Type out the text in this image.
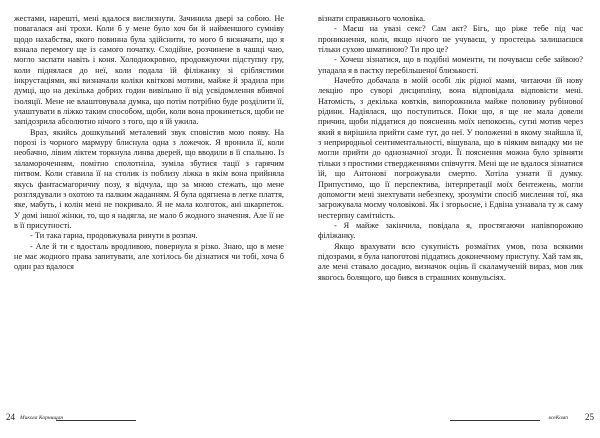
жестами, нарешті, мені вдалося вислизнути. Зачинила двері за собою. Не повагалася ані трохи. Коли б у мене було хоч би й найменшого сумніву щодо нахабства, якого повинна була здійснити, то мого б визначати, що я взнала перемогу ще із самого початку. Сходійне, розчинене в чашці чаю, могло заспати навіть і коня. Холоднокровно, продовжуючи підступну гру, коли піднялася до неї, коли подала їй філіжанку зі сріблястими інкрустаціями, які визначали коліки квіткові мотиви, майже й зрадила при думці, що на декілька добрих годин вивільню її від усвідомлення вбивчої ізоляції. Мене не влаштовувала думка, що потім потрібно буде розділити її, улаштувати в ліжко таким способом, щоби, коли вона прокинеться, щоби не запідозрила абсолютно нічого з того, що я їй ужила.

Враз, якийсь дошкульний металевий звук сповістив мою появу. На порозі із чорного мармуру блиснула одна з ложечок. Я вронила її, коли необачно, лівим ліктем торкнула линва дверей, що вводили в її спальню. Із заламороченням, помітно сполотніла, зуміла збутися тації з гарячим питвом. Коли ставила її на столик із поблизу ліжка в якім вона прийняла якусь фантасмагоричну позу, я відчула, що за мною стежать, що мене розглядували з охотою та палким жаданням. Я була одягнена в легке плаття, яке, мабуть, і колін мені не покривало. Я не мала колготок, ані шкарпеток. У домі іншої жінки, то, що я надягла, не мало б жодного значення. Але її не в її присутності.

- Ти така гарна, продовжувала ринути в розпач.

- Але й ти є вдосталь вродливою, повернула я різко. Знаю, що в мене не має жодного права запитувати, але хотілось би дізнатися чи тобі, хоча б один раз вдалося

24 Микола Корнищан

візнати справжнього чоловіка.

- Маєш на увазі секс? Сам акт? Бігь, що ріже тебе під час проникнення, коли, якщо нічого не учуваєш, у простецьь залишаєшся тільки сухою шматиною? Ти про це?

- Хочеш зізнатися, що в подібні моменти, ти почуваєш себе зайвою? упадала я в пастку перебільшеної близькості.

Начебто добачала в моїй особі лік рідної мами, читаючи їй нову лекцію про суворі дисципліну, вона відповідала відповісти мені. Натомість, з декілька ковтків, випорожнила майже половину рубінової рідини. Надіялася, що поступиться. Поки що, я ще не мала довели причин, щоби піддатися до поясненнь моїх непокоєнь, сутні мотив через який я вирішила прийти саме тут, до неї. У положенні в якому знайшла її, з неприродньої сентиментальності, віщувала, що в ніяким випадку ми не могли прийти до однозначної згоди. Її пояснення можна було зрівняти тільки з простими ствердженнями співчуття. Мені ще не вдалося зізнатися їй, що Антонові погрожували смертю. Хотіла узнати її думку. Припустимо, що її перспектива, інтерпретації моїх бентежень, могли допомогти мені знехтувати небезпеку, зрозуміти спосіб мислення тої, яка загрожувала моєму чоловікові. Як і згорьосне, і Едвіна узнавала ту ж саму нестерпну самітність.

- Я майже закінчила, повідала я, простягаючи напівпорожню філіжанку.

Якщо врахувати всю сукупність розмаїтих умов, поза всякими підозрами, я була напоготові піддатись доконечному приступу. Хай там як, але мені ставало досадно, визначок оцінь її скаламученій вираз, мов лик якогось болящого, що бився в страшних конвульсіях.

всеКомп 25
